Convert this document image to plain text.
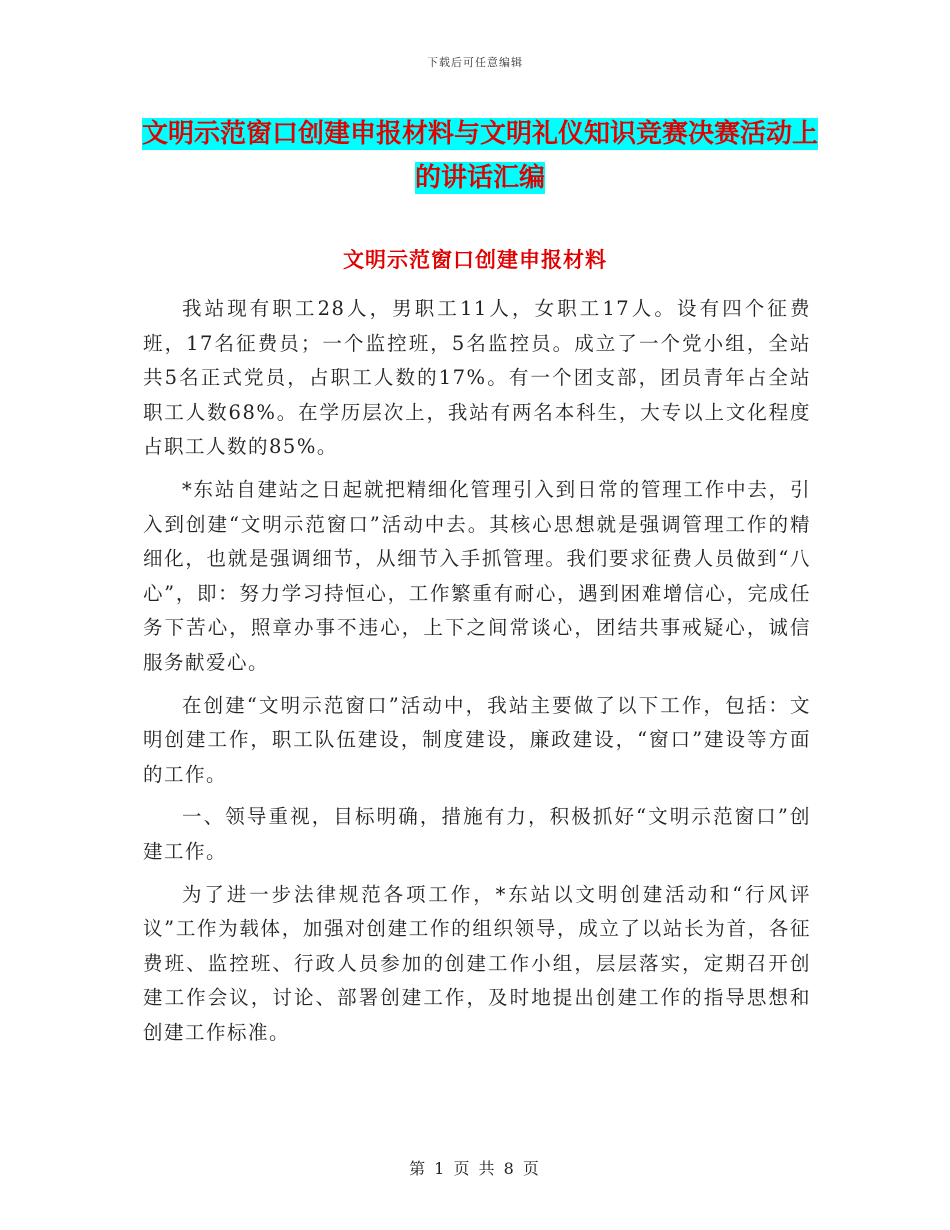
下载后可任意编辑
文明示范窗口创建申报材料与文明礼仪知识竞赛决赛活动上的讲话汇编
文明示范窗口创建申报材料

我站现有职工28人，男职工11人，女职工17人。设有四个征费班，17名征费员；一个监控班，5名监控员。成立了一个党小组，全站共5名正式党员，占职工人数的17%。有一个团支部，团员青年占全站职工人数68%。在学历层次上，我站有两名本科生，大专以上文化程度占职工人数的85%。

*东站自建站之日起就把精细化管理引入到日常的管理工作中去，引入到创建“文明示范窗口”活动中去。其核心思想就是强调管理工作的精细化，也就是强调细节，从细节入手抓管理。我们要求征费人员做到“八心”，即：努力学习持恒心，工作繁重有耐心，遇到困难增信心，完成任务下苦心，照章办事不违心，上下之间常谈心，团结共事戒疑心，诚信服务献爱心。

在创建“文明示范窗口”活动中，我站主要做了以下工作，包括：文明创建工作，职工队伍建设，制度建设，廉政建设，“窗口”建设等方面的工作。

一、领导重视，目标明确，措施有力，积极抓好“文明示范窗口”创建工作。

为了进一步法律规范各项工作，*东站以文明创建活动和“行风评议”工作为载体，加强对创建工作的组织领导，成立了以站长为首，各征费班、监控班、行政人员参加的创建工作小组，层层落实，定期召开创建工作会议，讨论、部署创建工作，及时地提出创建工作的指导思想和创建工作标准。

第 1 页 共 8 页
